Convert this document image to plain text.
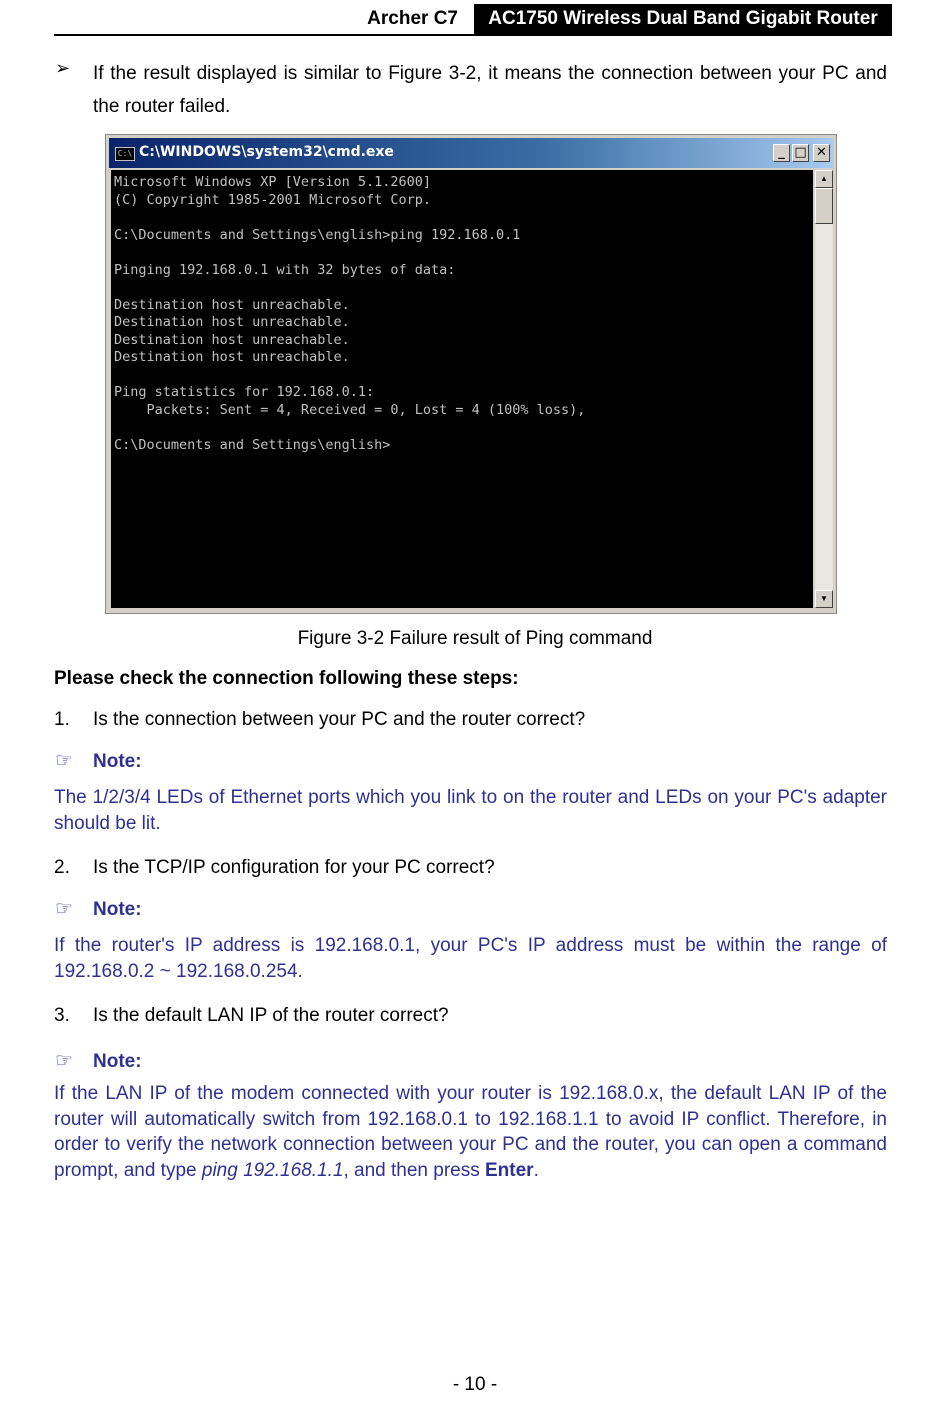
Archer C7	AC1750 Wireless Dual Band Gigabit Router
➢ If the result displayed is similar to Figure 3-2, it means the connection between your PC and the router failed.
C:\ C:\WINDOWS\system32\cmd.exe	_ □ ✕
Microsoft Windows XP [Version 5.1.2600]
(C) Copyright 1985-2001 Microsoft Corp.

C:\Documents and Settings\english>ping 192.168.0.1

Pinging 192.168.0.1 with 32 bytes of data:

Destination host unreachable.
Destination host unreachable.
Destination host unreachable.
Destination host unreachable.

Ping statistics for 192.168.0.1:
Packets: Sent = 4, Received = 0, Lost = 4 (100% loss),

C:\Documents and Settings\english>
▲
▼
Figure 3-2 Failure result of Ping command
Please check the connection following these steps:
1. Is the connection between your PC and the router correct?
☞ Note:
The 1/2/3/4 LEDs of Ethernet ports which you link to on the router and LEDs on your PC's adapter should be lit.
2. Is the TCP/IP configuration for your PC correct?
☞ Note:
If the router's IP address is 192.168.0.1, your PC's IP address must be within the range of 192.168.0.2 ~ 192.168.0.254.
3. Is the default LAN IP of the router correct?
☞ Note:
If the LAN IP of the modem connected with your router is 192.168.0.x, the default LAN IP of the router will automatically switch from 192.168.0.1 to 192.168.1.1 to avoid IP conflict. Therefore, in order to verify the network connection between your PC and the router, you can open a command prompt, and type ping 192.168.1.1, and then press Enter.
- 10 -
